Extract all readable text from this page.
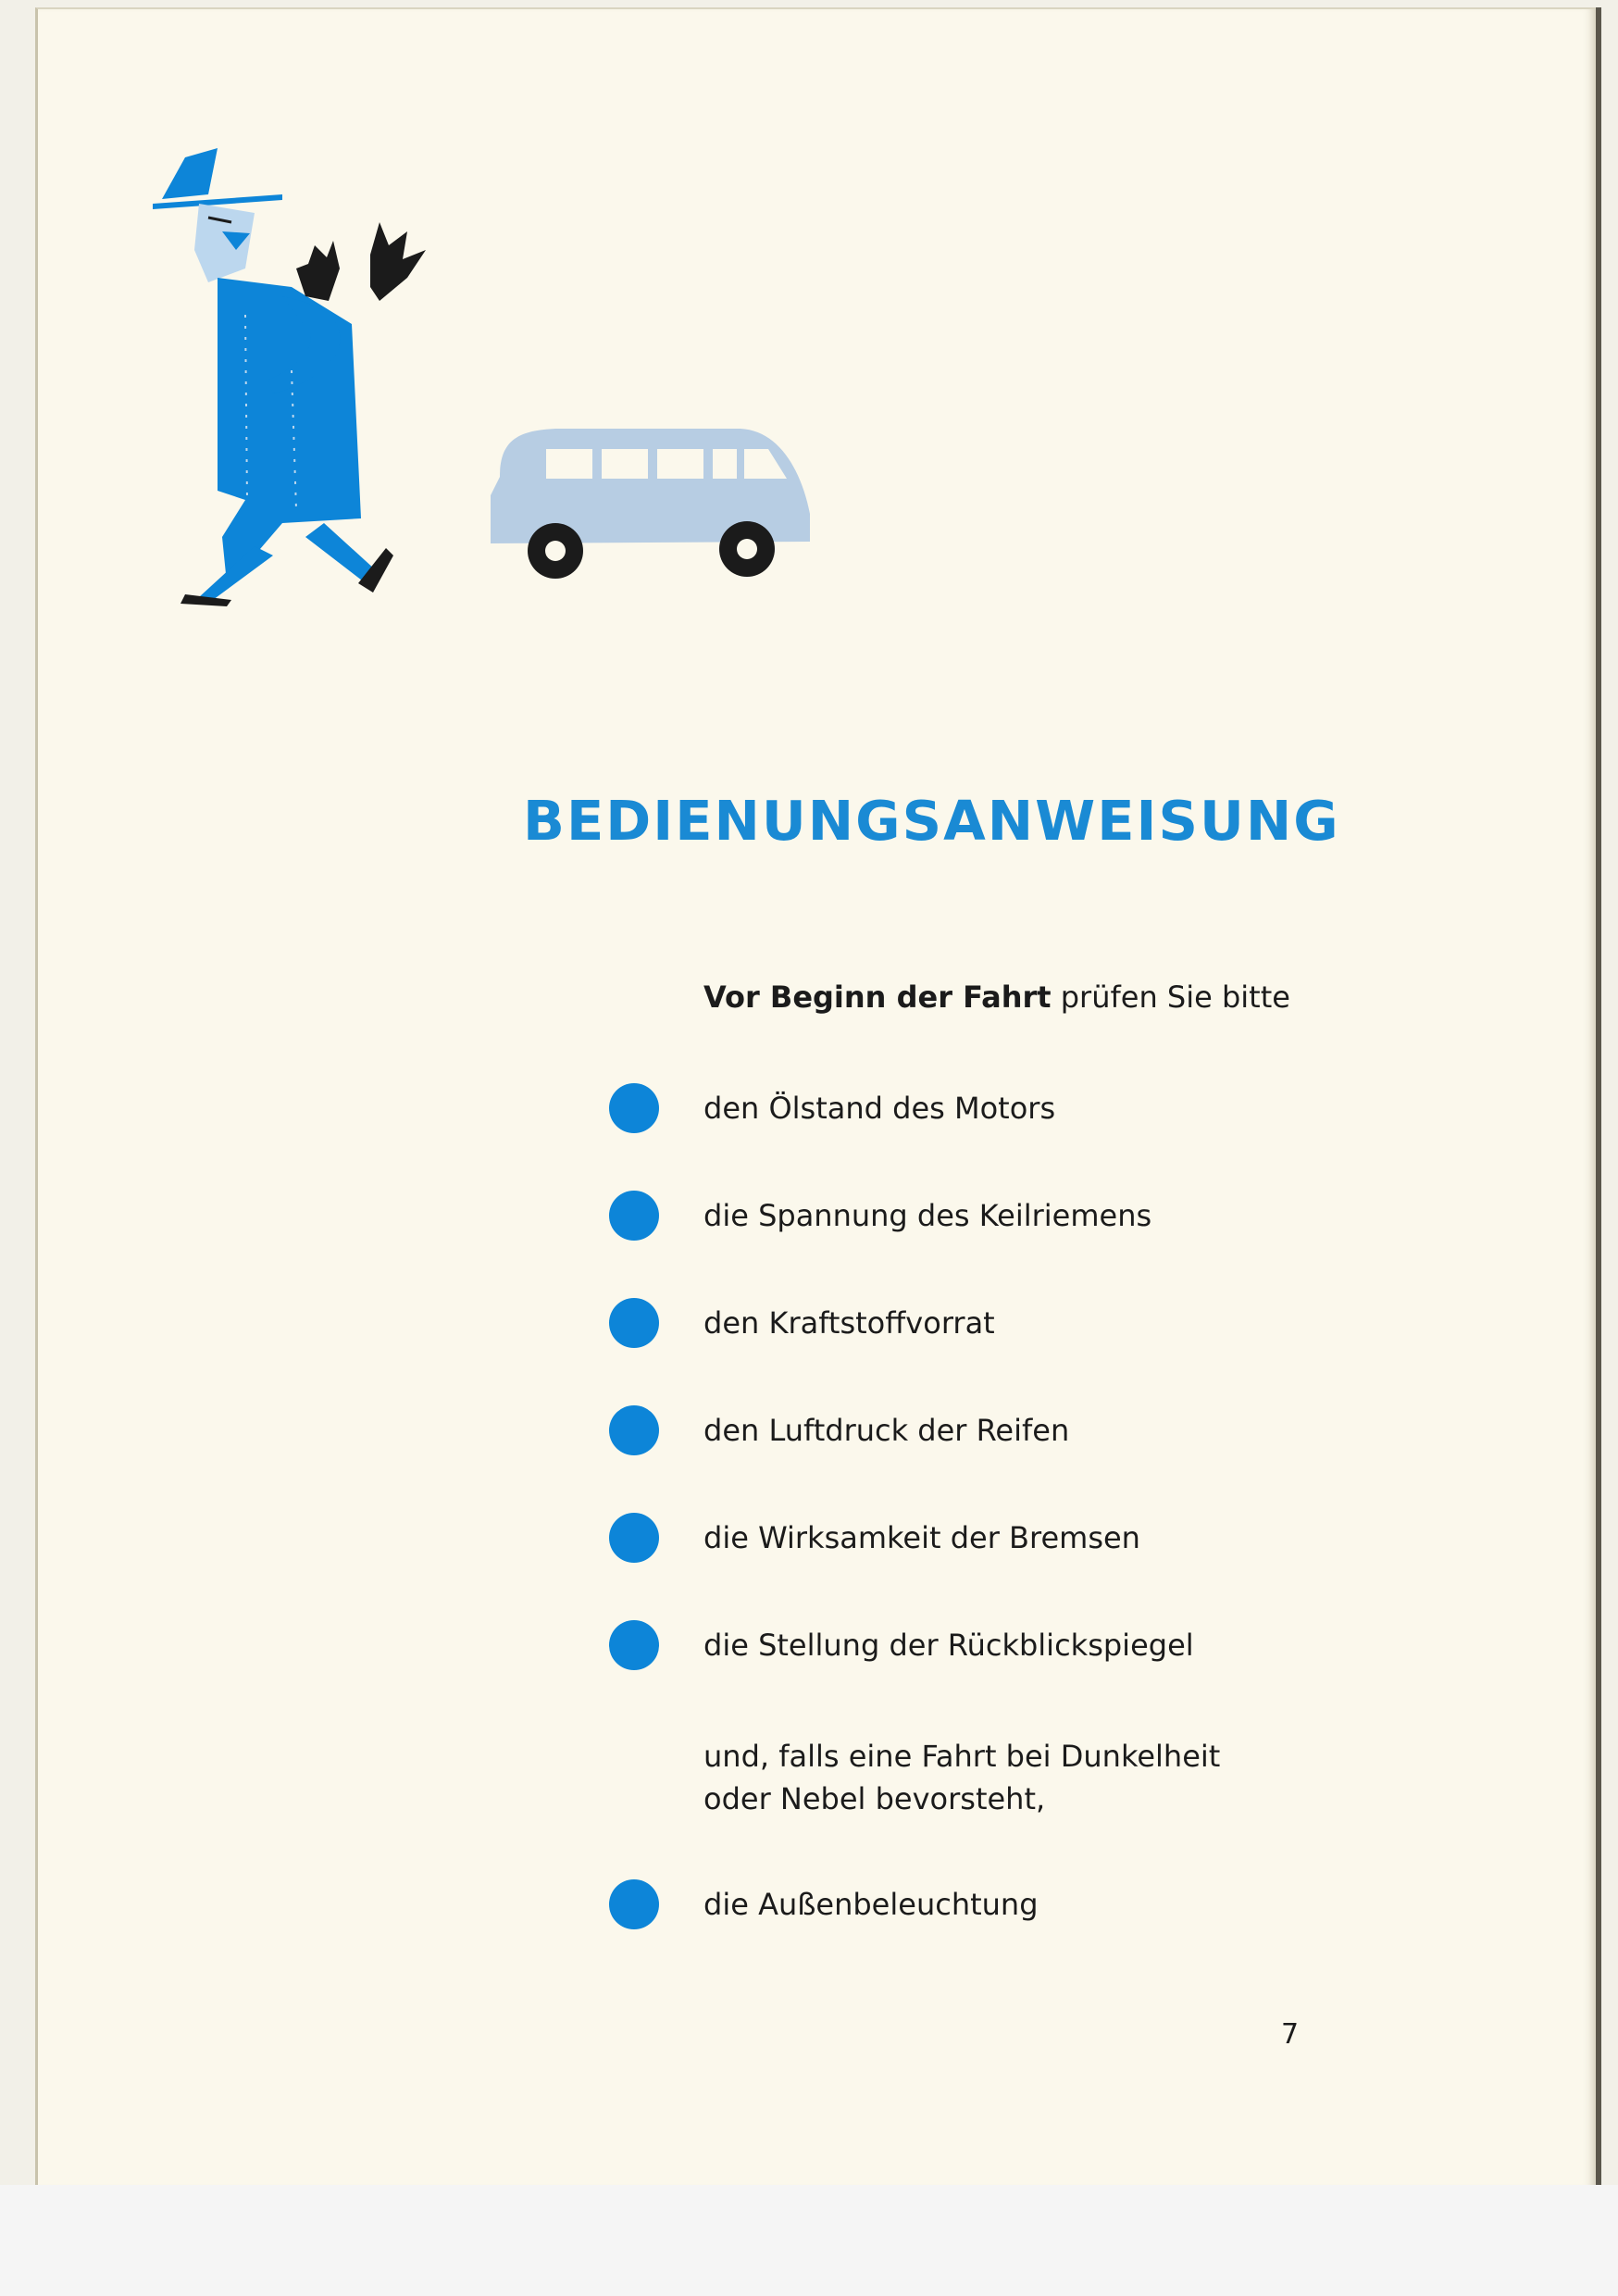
BEDIENUNGSANWEISUNG
Vor Beginn der Fahrt prüfen Sie bitte
den Ölstand des Motors
die Spannung des Keilriemens
den Kraftstoffvorrat
den Luftdruck der Reifen
die Wirksamkeit der Bremsen
die Stellung der Rückblickspiegel
und, falls eine Fahrt bei Dunkelheit
oder Nebel bevorsteht,
die Außenbeleuchtung
7
